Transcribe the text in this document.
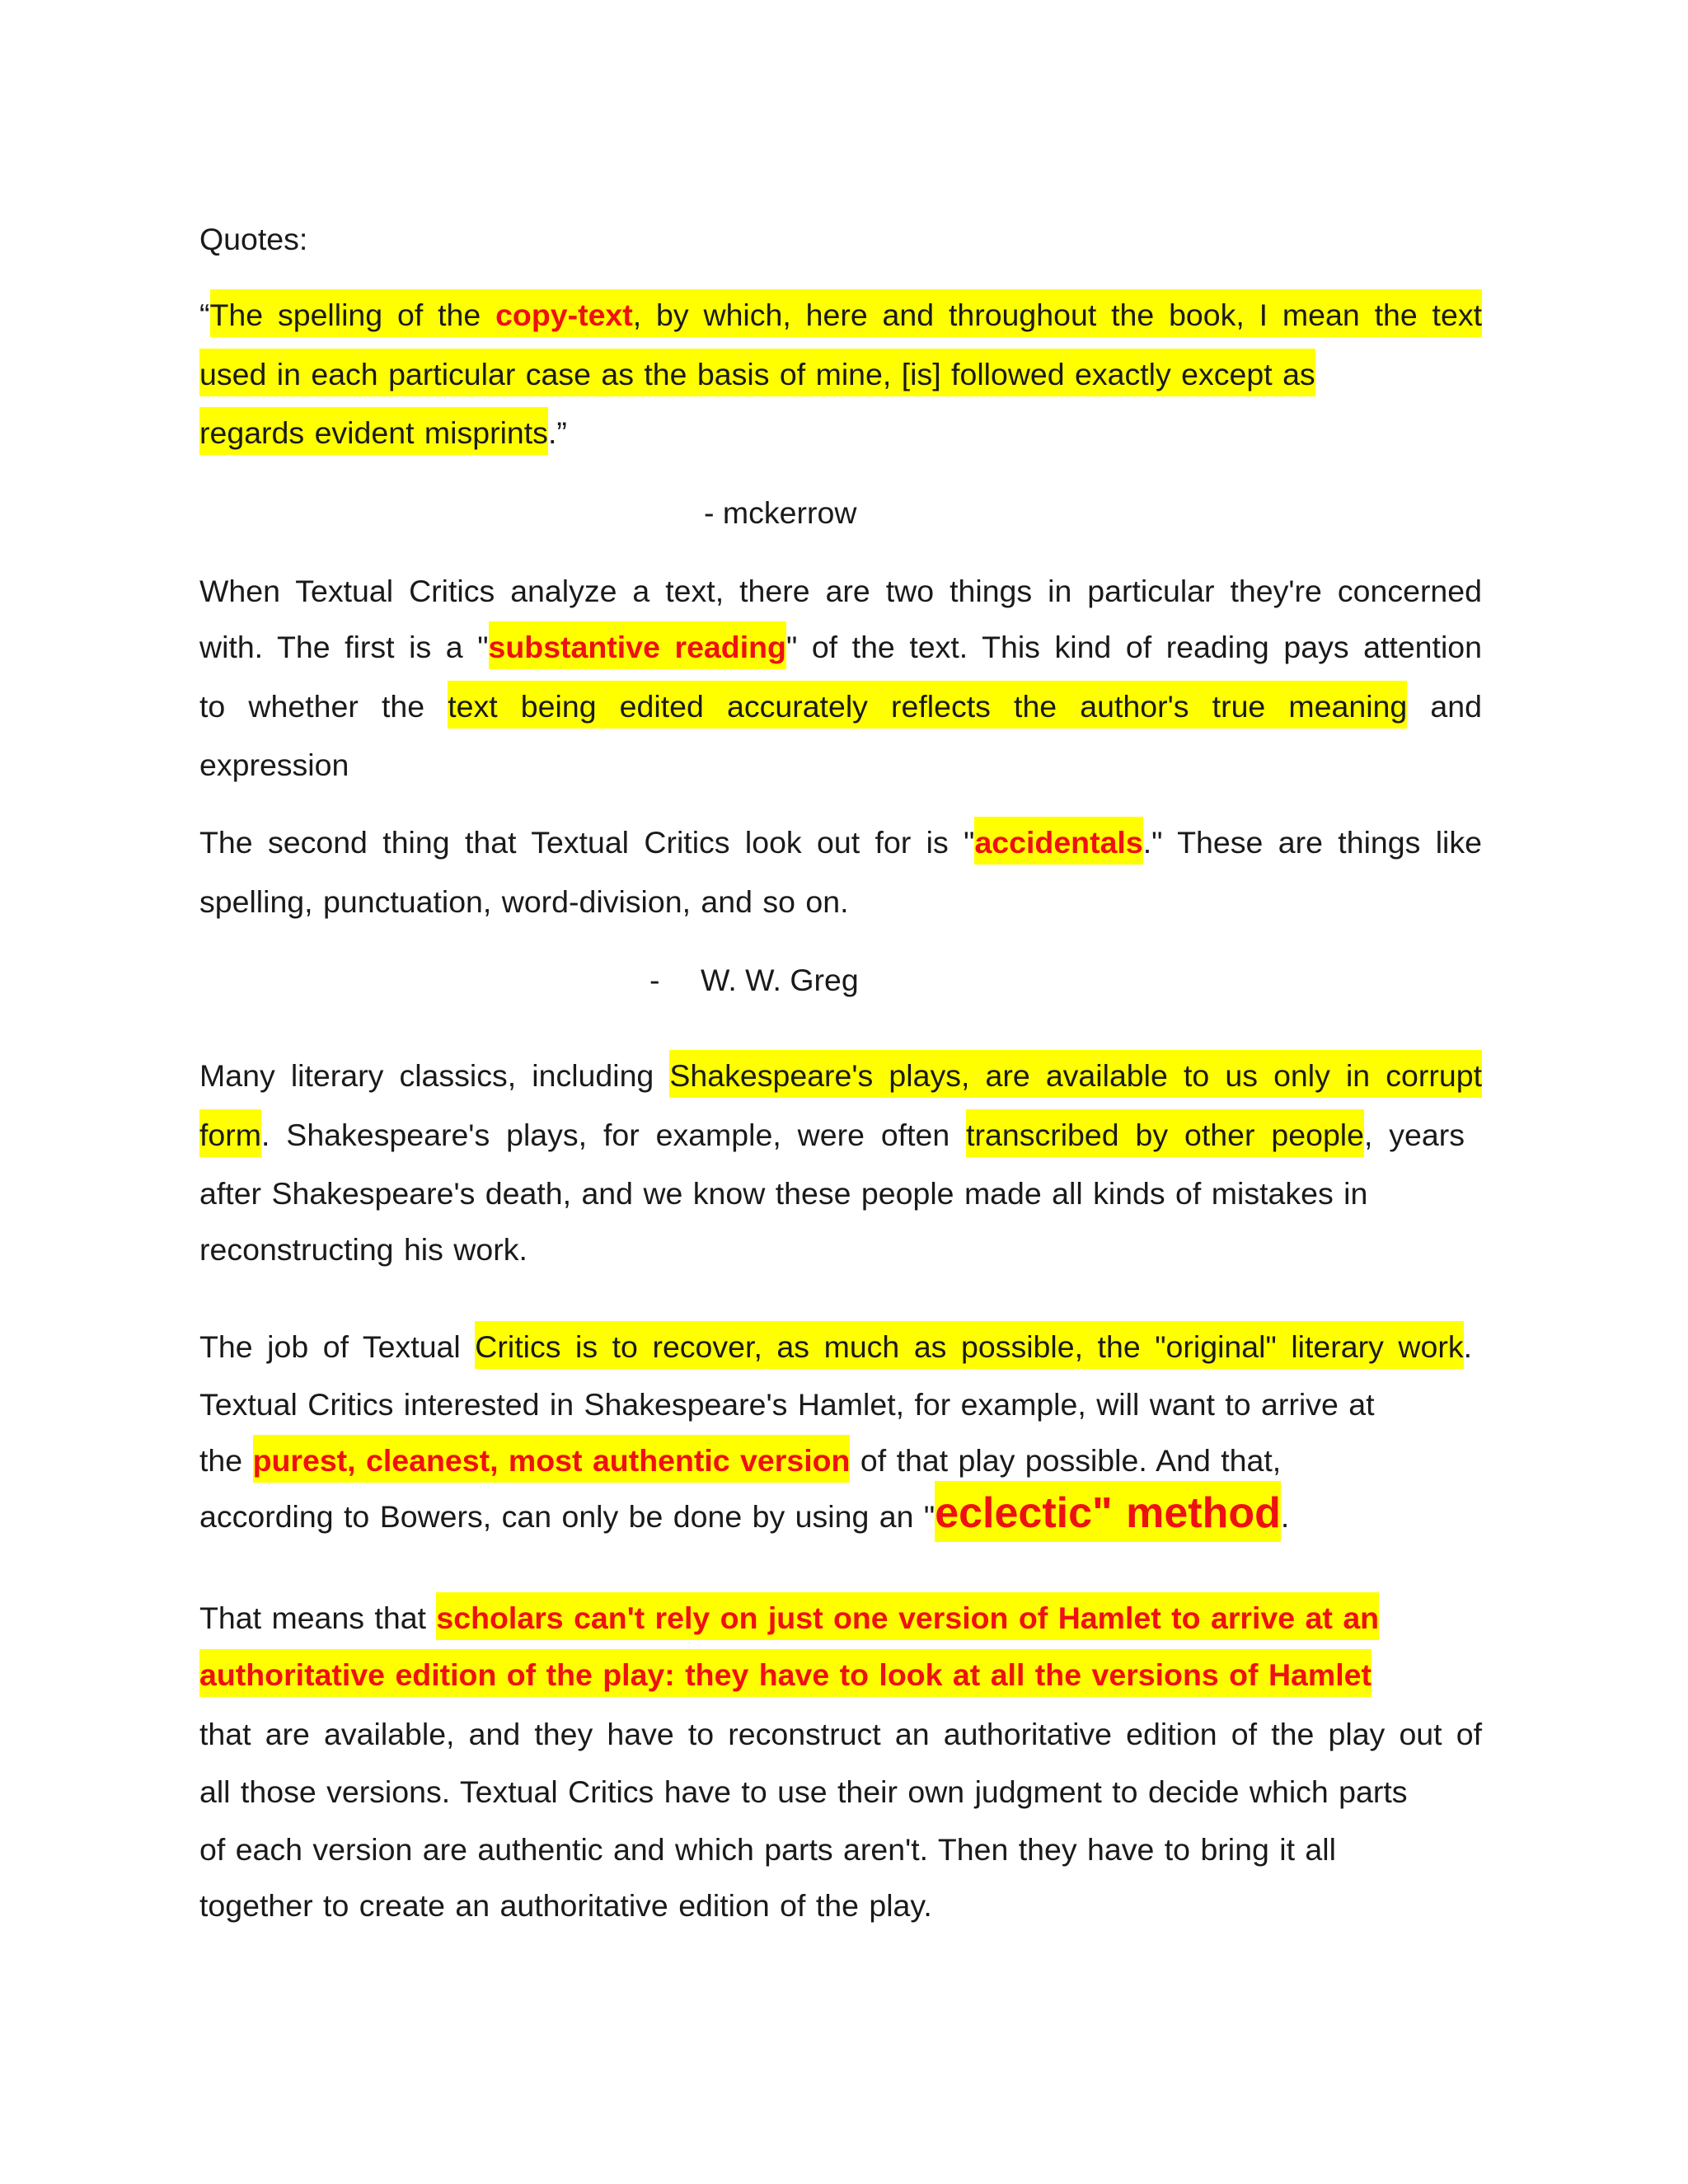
Quotes:
“The spelling of the copy-text, by which, here and throughout the book, I mean the text
used in each particular case as the basis of mine, [is] followed exactly except as
regards evident misprints.”
- mckerrow
When Textual Critics analyze a text, there are two things in particular they're concerned
with. The first is a "substantive reading" of the text. This kind of reading pays attention
to whether the text being edited accurately reflects the author's true meaning and
expression
The second thing that Textual Critics look out for is "accidentals." These are things like
spelling, punctuation, word-division, and so on.
- W. W. Greg
Many literary classics, including Shakespeare's plays, are available to us only in corrupt
form. Shakespeare's plays, for example, were often transcribed by other people, years
after Shakespeare's death, and we know these people made all kinds of mistakes in
reconstructing his work.
The job of Textual Critics is to recover, as much as possible, the "original" literary work.
Textual Critics interested in Shakespeare's Hamlet, for example, will want to arrive at
the purest, cleanest, most authentic version of that play possible. And that,
according to Bowers, can only be done by using an "eclectic" method.
That means that scholars can't rely on just one version of Hamlet to arrive at an
authoritative edition of the play: they have to look at all the versions of Hamlet
that are available, and they have to reconstruct an authoritative edition of the play out of
all those versions. Textual Critics have to use their own judgment to decide which parts
of each version are authentic and which parts aren't. Then they have to bring it all
together to create an authoritative edition of the play.
